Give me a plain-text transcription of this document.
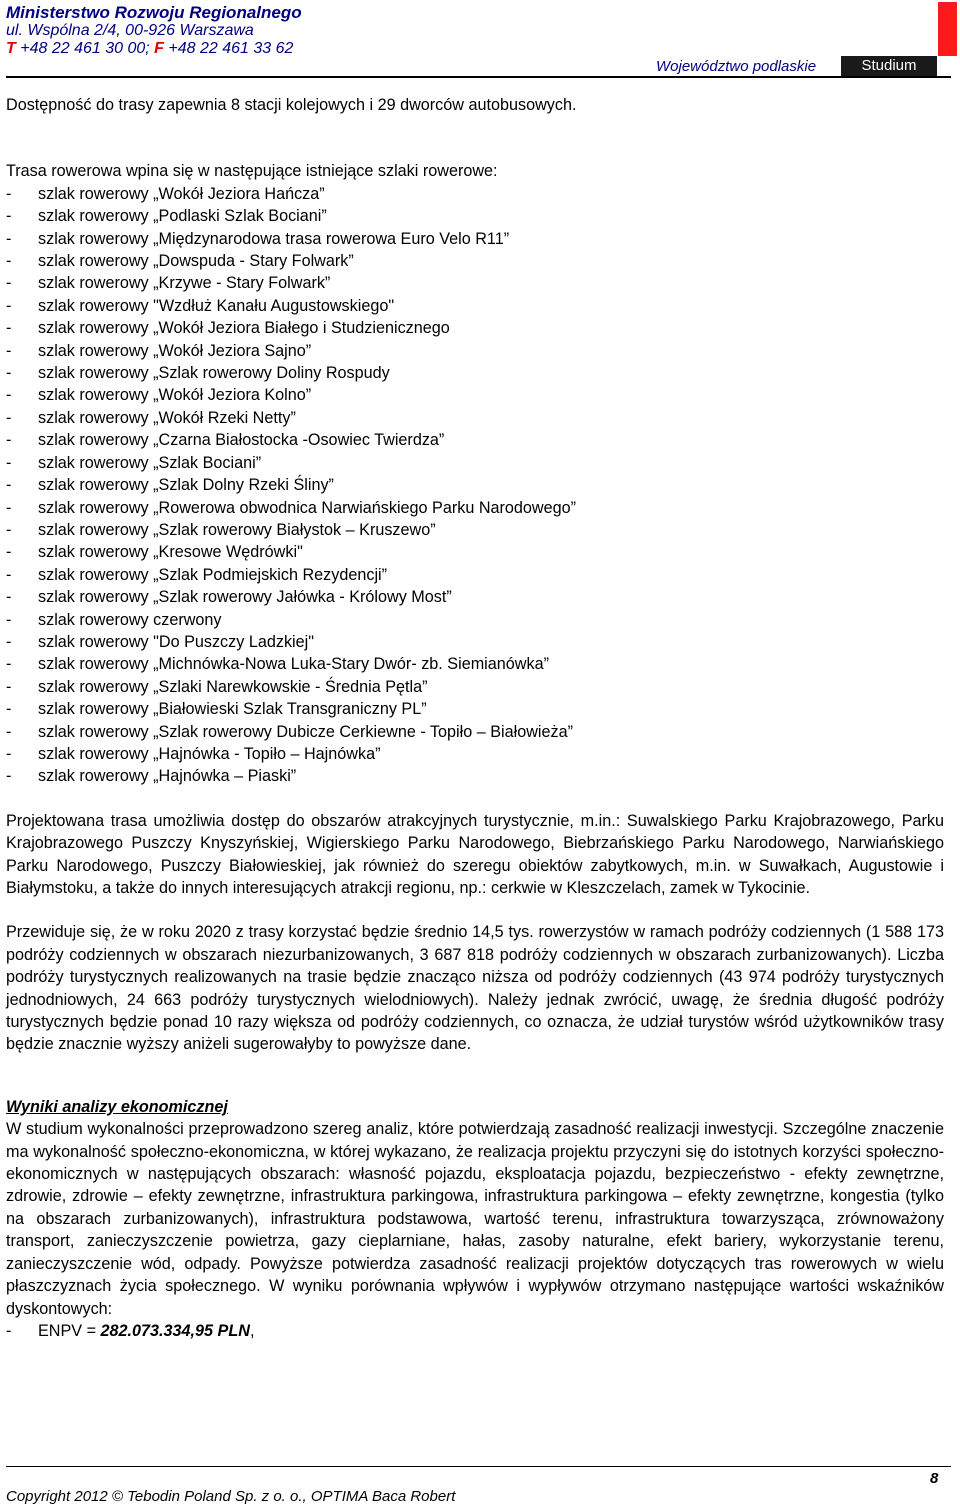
Ministerstwo Rozwoju Regionalnego
ul. Wspólna 2/4, 00-926 Warszawa
T +48 22 461 30 00; F +48 22 461 33 62
Województwo podlaskie	Studium

Dostępność do trasy zapewnia 8 stacji kolejowych i 29 dworców autobusowych.

Trasa rowerowa wpina się w następujące istniejące szlaki rowerowe:

- szlak rowerowy „Wokół Jeziora Hańcza”
- szlak rowerowy „Podlaski Szlak Bociani”
- szlak rowerowy „Międzynarodowa trasa rowerowa Euro Velo R11”
- szlak rowerowy „Dowspuda - Stary Folwark”
- szlak rowerowy „Krzywe - Stary Folwark”
- szlak rowerowy "Wzdłuż Kanału Augustowskiego"
- szlak rowerowy „Wokół Jeziora Białego i Studzienicznego
- szlak rowerowy „Wokół Jeziora Sajno”
- szlak rowerowy „Szlak rowerowy Doliny Rospudy
- szlak rowerowy „Wokół Jeziora Kolno”
- szlak rowerowy „Wokół Rzeki Netty”
- szlak rowerowy „Czarna Białostocka -Osowiec Twierdza”
- szlak rowerowy „Szlak Bociani”
- szlak rowerowy „Szlak Dolny Rzeki Śliny”
- szlak rowerowy „Rowerowa obwodnica Narwiańskiego Parku Narodowego”
- szlak rowerowy „Szlak rowerowy Białystok – Kruszewo”
- szlak rowerowy „Kresowe Wędrówki"
- szlak rowerowy „Szlak Podmiejskich Rezydencji”
- szlak rowerowy „Szlak rowerowy Jałówka - Królowy Most”
- szlak rowerowy czerwony
- szlak rowerowy "Do Puszczy Ladzkiej"
- szlak rowerowy „Michnówka-Nowa Luka-Stary Dwór- zb. Siemianówka”
- szlak rowerowy „Szlaki Narewkowskie - Średnia Pętla”
- szlak rowerowy „Białowieski Szlak Transgraniczny PL”
- szlak rowerowy „Szlak rowerowy Dubicze Cerkiewne - Topiło – Białowieża”
- szlak rowerowy „Hajnówka - Topiło – Hajnówka”
- szlak rowerowy „Hajnówka – Piaski”

Projektowana trasa umożliwia dostęp do obszarów atrakcyjnych turystycznie, m.in.: Suwalskiego Parku Krajobrazowego, Parku Krajobrazowego Puszczy Knyszyńskiej, Wigierskiego Parku Narodowego, Biebrzańskiego Parku Narodowego, Narwiańskiego Parku Narodowego, Puszczy Białowieskiej, jak również do szeregu obiektów zabytkowych, m.in. w Suwałkach, Augustowie i Białymstoku, a także do innych interesujących atrakcji regionu, np.: cerkwie w Kleszczelach, zamek w Tykocinie.

Przewiduje się, że w roku 2020 z trasy korzystać będzie średnio 14,5 tys. rowerzystów w ramach podróży codziennych (1 588 173 podróży codziennych w obszarach niezurbanizowanych, 3 687 818 podróży codziennych w obszarach zurbanizowanych). Liczba podróży turystycznych realizowanych na trasie będzie znacząco niższa od podróży codziennych (43 974 podróży turystycznych jednodniowych, 24 663 podróży turystycznych wielodniowych). Należy jednak zwrócić, uwagę, że średnia długość podróży turystycznych będzie ponad 10 razy większa od podróży codziennych, co oznacza, że udział turystów wśród użytkowników trasy będzie znacznie wyższy aniżeli sugerowałyby to powyższe dane.

Wyniki analizy ekonomicznej

W studium wykonalności przeprowadzono szereg analiz, które potwierdzają zasadność realizacji inwestycji. Szczególne znaczenie ma wykonalność społeczno-ekonomiczna, w której wykazano, że realizacja projektu przyczyni się do istotnych korzyści społeczno-ekonomicznych w następujących obszarach: własność pojazdu, eksploatacja pojazdu, bezpieczeństwo - efekty zewnętrzne, zdrowie, zdrowie – efekty zewnętrzne, infrastruktura parkingowa, infrastruktura parkingowa – efekty zewnętrzne, kongestia (tylko na obszarach zurbanizowanych), infrastruktura podstawowa, wartość terenu, infrastruktura towarzysząca, zrównoważony transport, zanieczyszczenie powietrza, gazy cieplarniane, hałas, zasoby naturalne, efekt bariery, wykorzystanie terenu, zanieczyszczenie wód, odpady. Powyższe potwierdza zasadność realizacji projektów dotyczących tras rowerowych w wielu płaszczyznach życia społecznego. W wyniku porównania wpływów i wypływów otrzymano następujące wartości wskaźników dyskontowych:

- ENPV = 282.073.334,95 PLN,
Copyright 2012 © Tebodin Poland Sp. z o. o., OPTIMA Baca Robert
8
